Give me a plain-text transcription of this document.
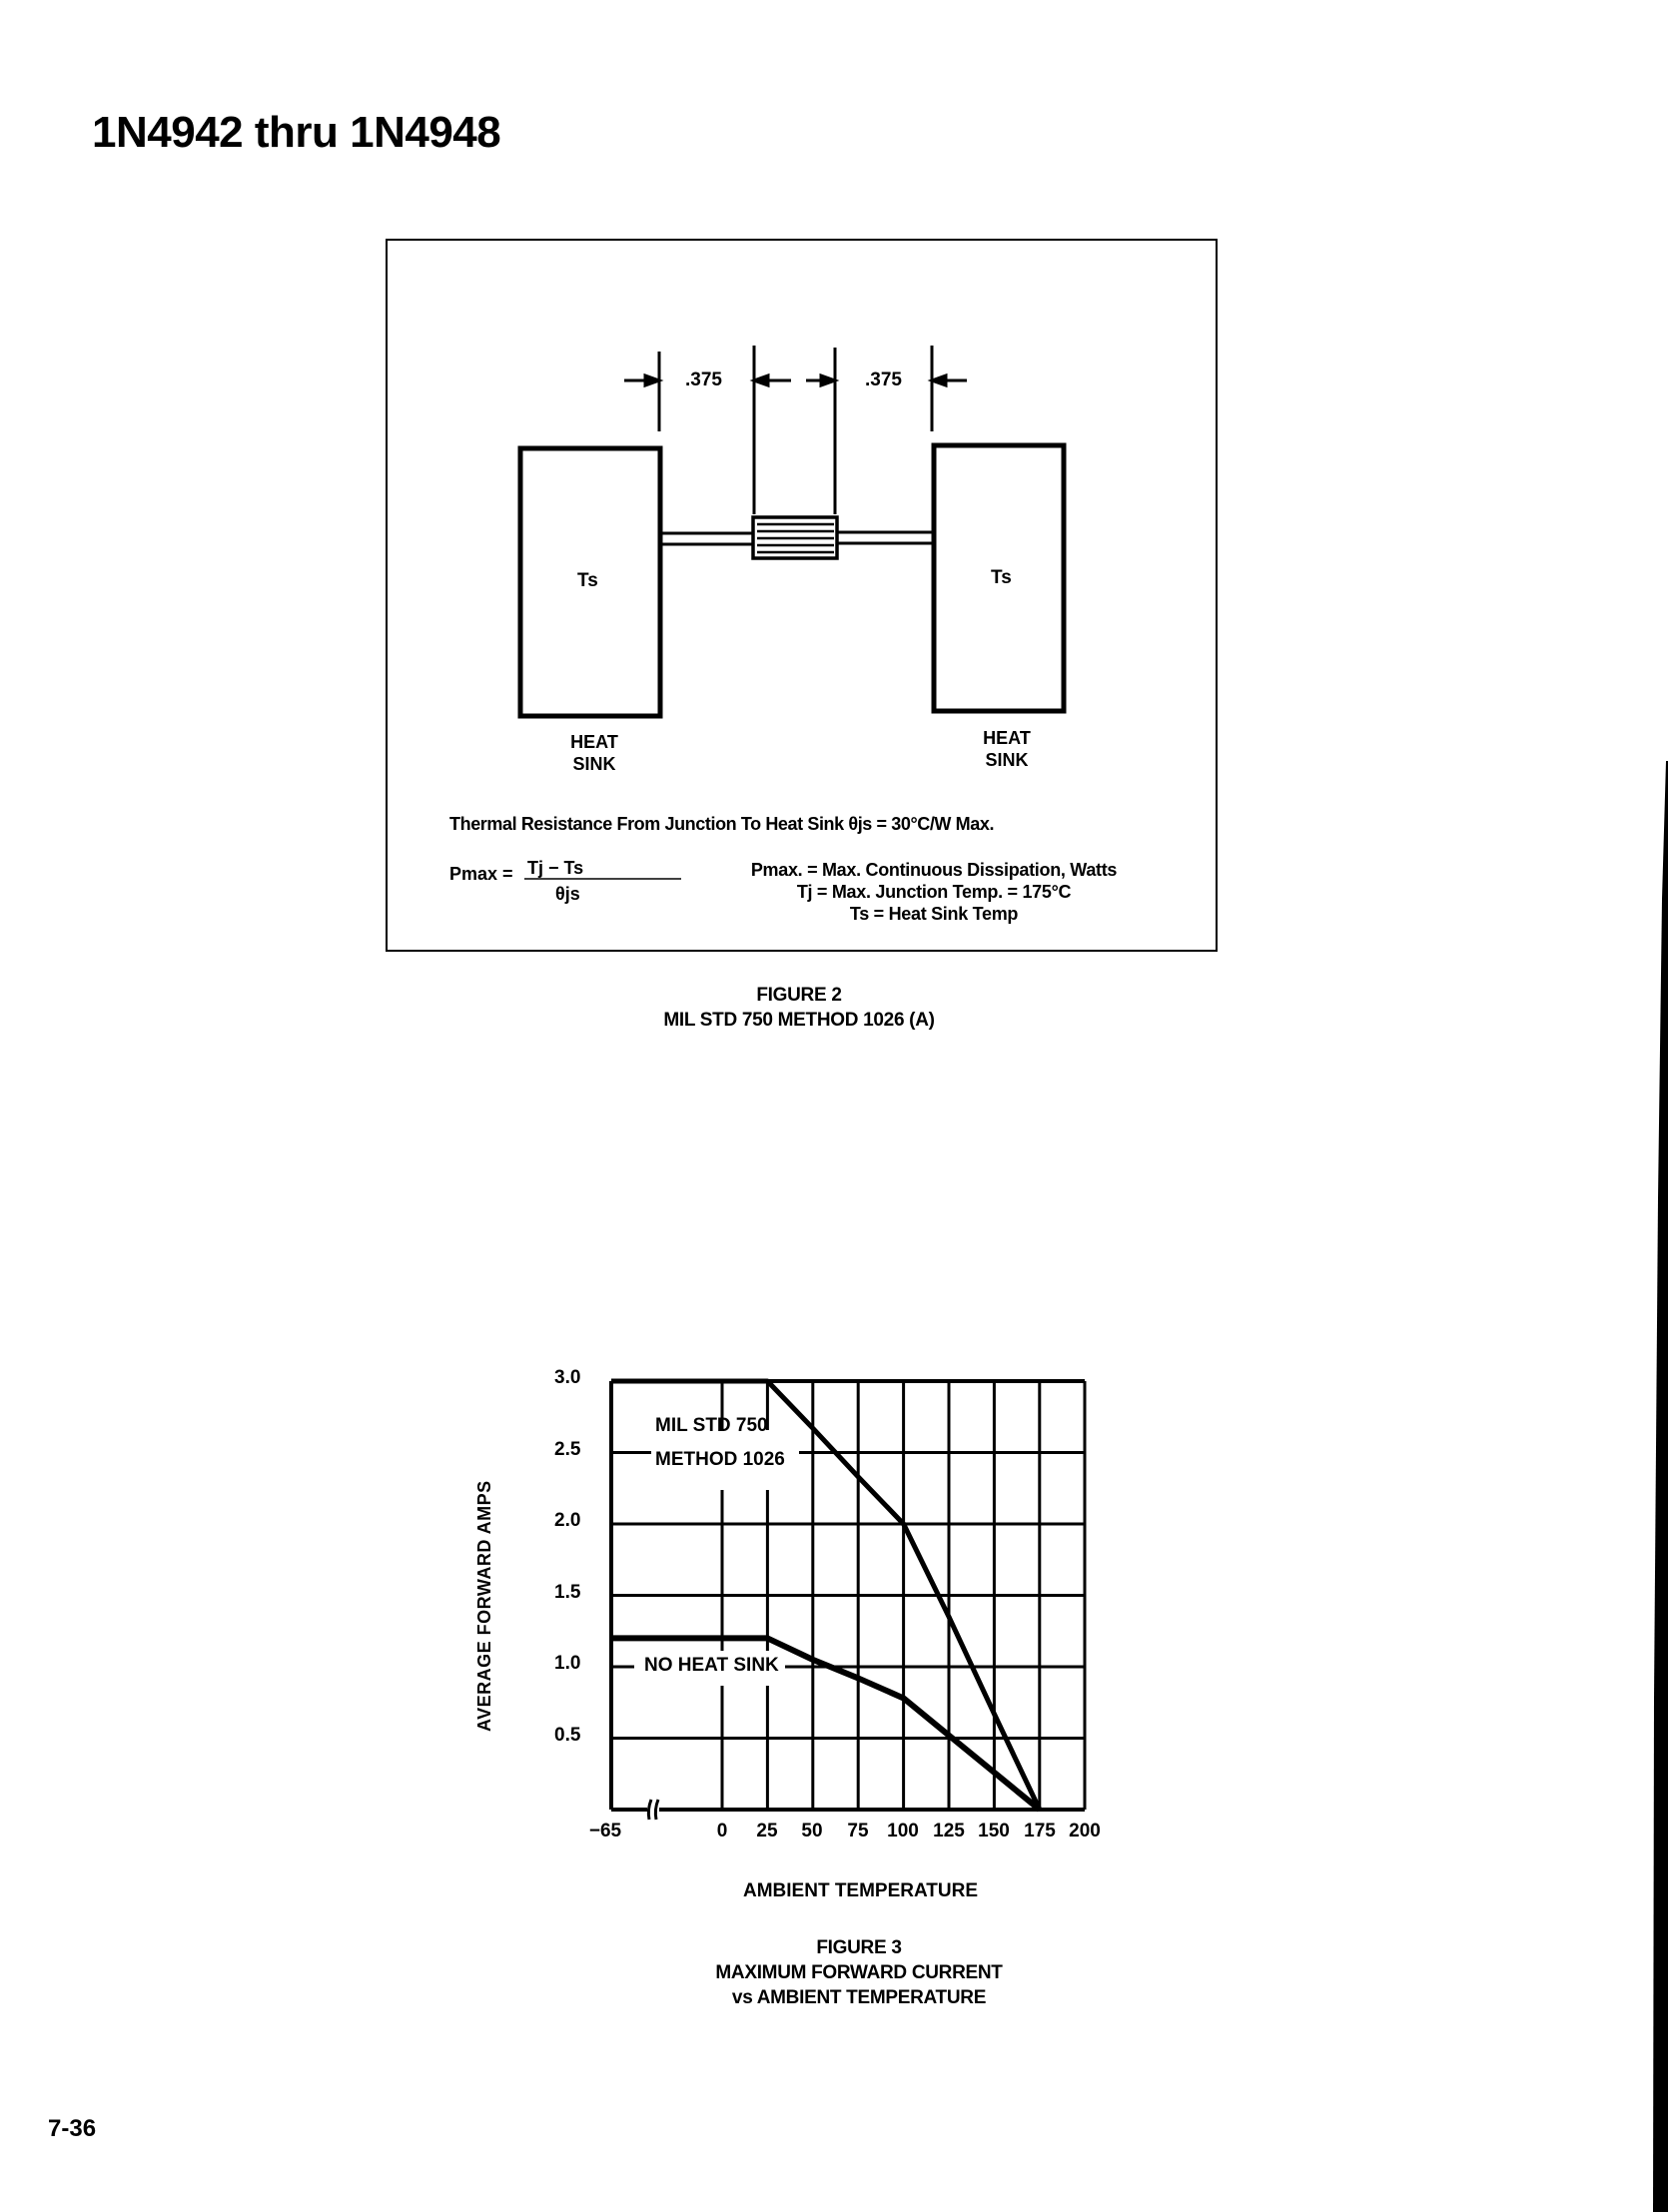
1N4942 thru 1N4948
.375	.375
Ts	Ts
HEAT
SINK
HEAT
SINK
Thermal Resistance From Junction To Heat Sink θjs = 30°C/W Max.
Pmax = Tj − Ts
θjs
Pmax. = Max. Continuous Dissipation, Watts
Tj = Max. Junction Temp. = 175°C
Ts = Heat Sink Temp
FIGURE 2
MIL STD 750 METHOD 1026 (A)
0.5
1.0
1.5
2.0
2.5
3.0
−65	0	25	50	75 100 125 150 175 200
MIL STD 750
METHOD 1026
NO HEAT SINK
AVERAGE FORWARD AMPS
AMBIENT TEMPERATURE
FIGURE 3
MAXIMUM FORWARD CURRENT
vs AMBIENT TEMPERATURE
7-36
